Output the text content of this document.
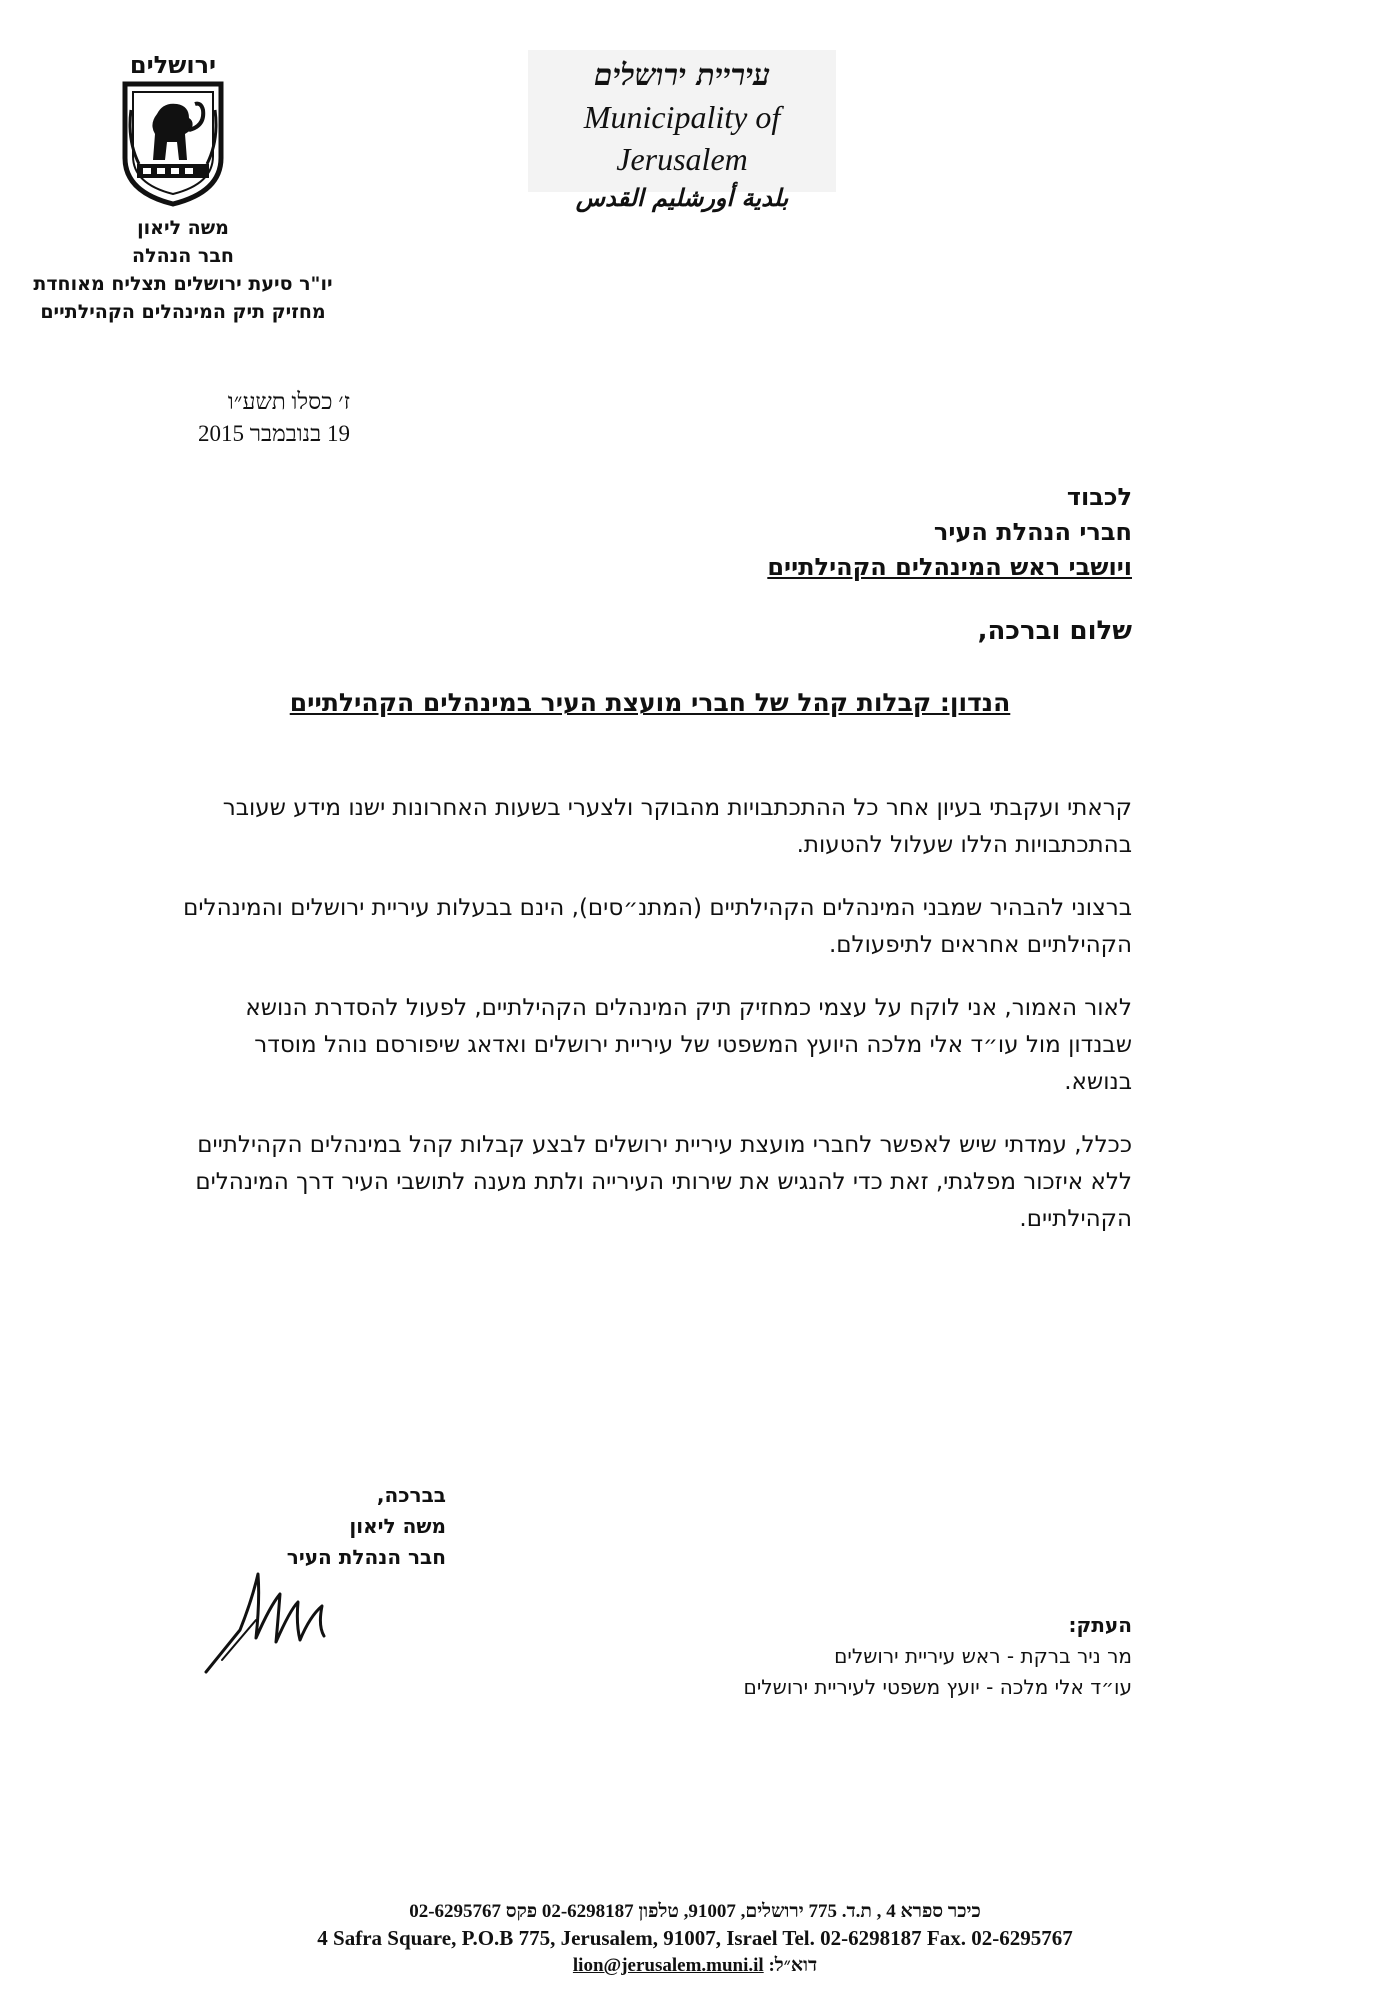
ירושלים
משה ליאון
חבר הנהלה
יו"ר סיעת ירושלים תצליח מאוחדת
מחזיק תיק המינהלים הקהילתיים
עיריית ירושלים
Municipality of Jerusalem
بلدية أورشليم القدس
ז׳ כסלו תשע״ו
19 בנובמבר 2015
לכבוד
חברי הנהלת העיר
ויושבי ראש המינהלים הקהילתיים
שלום וברכה,
הנדון: קבלות קהל של חברי מועצת העיר במינהלים הקהילתיים

קראתי ועקבתי בעיון אחר כל ההתכתבויות מהבוקר ולצערי בשעות האחרונות ישנו מידע שעובר בהתכתבויות הללו שעלול להטעות.

ברצוני להבהיר שמבני המינהלים הקהילתיים (המתנ״סים), הינם בבעלות עיריית ירושלים והמינהלים הקהילתיים אחראים לתיפעולם.

לאור האמור, אני לוקח על עצמי כמחזיק תיק המינהלים הקהילתיים, לפעול להסדרת הנושא שבנדון מול עו״ד אלי מלכה היועץ המשפטי של עיריית ירושלים ואדאג שיפורסם נוהל מוסדר בנושא.

ככלל, עמדתי שיש לאפשר לחברי מועצת עיריית ירושלים לבצע קבלות קהל במינהלים הקהילתיים ללא איזכור מפלגתי, זאת כדי להנגיש את שירותי העירייה ולתת מענה לתושבי העיר דרך המינהלים הקהילתיים.

בברכה,
משה ליאון
חבר הנהלת העיר
העתק:
מר ניר ברקת - ראש עיריית ירושלים
עו״ד אלי מלכה - יועץ משפטי לעיריית ירושלים
כיכר ספרא 4 , ת.ד. 775 ירושלים, 91007, טלפון 02-6298187 פקס 02-6295767
4 Safra Square, P.O.B 775, Jerusalem, 91007, Israel Tel. 02-6298187 Fax. 02-6295767
דוא״ל: lion@jerusalem.muni.il
